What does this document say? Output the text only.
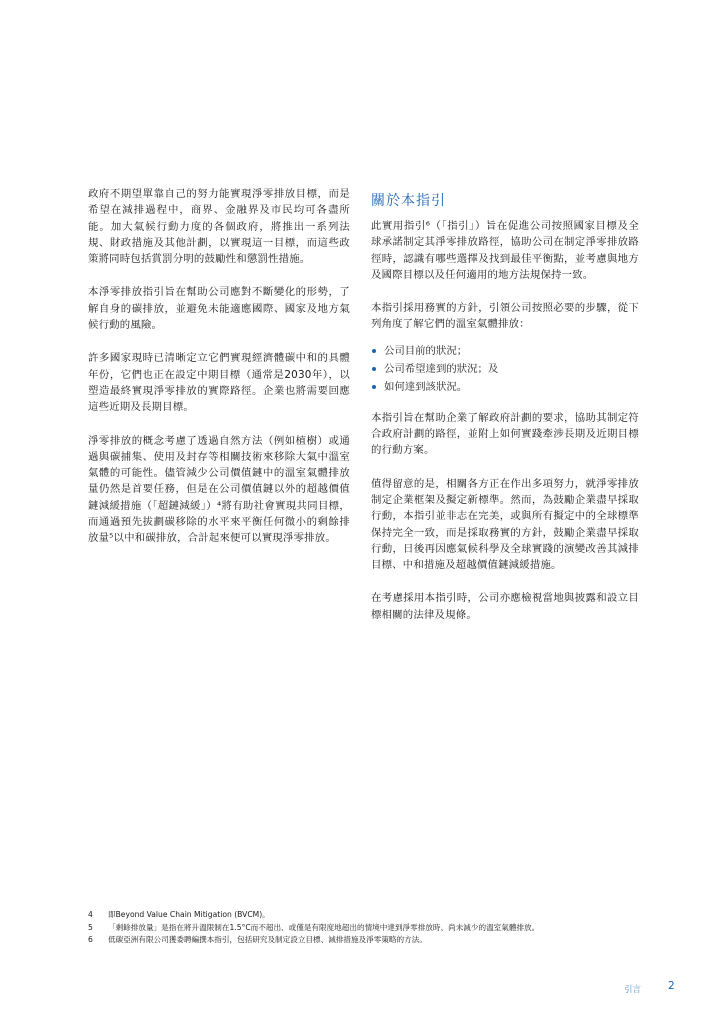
政府不期望單靠自己的努力能實現淨零排放目標，而是希望在減排過程中，商界、金融界及市民均可各盡所能。加大氣候行動力度的各個政府，將推出一系列法規、財政措施及其他計劃，以實現這一目標，而這些政策將同時包括賞罰分明的鼓勵性和懲罰性措施。

本淨零排放指引旨在幫助公司應對不斷變化的形勢，了解自身的碳排放，並避免未能適應國際、國家及地方氣候行動的風險。

許多國家現時已清晰定立它們實現經濟體碳中和的具體年份，它們也正在設定中期目標（通常是2030年），以塑造最終實現淨零排放的實際路徑。企業也將需要回應這些近期及長期目標。

淨零排放的概念考慮了透過自然方法（例如植樹）或通過與碳捕集、使用及封存等相關技術來移除大氣中溫室氣體的可能性。儘管減少公司價值鏈中的溫室氣體排放量仍然是首要任務，但是在公司價值鏈以外的超越價值鏈減緩措施（「超鏈減緩」）⁴將有助社會實現共同目標，而通過預先拔劃碳移除的水平來平衡任何微小的剩餘排放量⁵以中和碳排放，合計起來便可以實現淨零排放。

關於本指引

此實用指引⁶（「指引」）旨在促進公司按照國家目標及全球承諾制定其淨零排放路徑，協助公司在制定淨零排放路徑時，認識有哪些選擇及找到最佳平衡點，並考慮與地方及國際目標以及任何適用的地方法規保持一致。

本指引採用務實的方針，引領公司按照必要的步驟，從下列角度了解它們的溫室氣體排放：

公司目前的狀況；
公司希望達到的狀況；及
如何達到該狀況。

本指引旨在幫助企業了解政府計劃的要求，協助其制定符合政府計劃的路徑，並附上如何實踐牽涉長期及近期目標的行動方案。

值得留意的是，相關各方正在作出多項努力，就淨零排放制定企業框架及擬定新標準。然而，為鼓勵企業盡早採取行動，本指引並非志在完美，或與所有擬定中的全球標準保持完全一致，而是採取務實的方針，鼓勵企業盡早採取行動，日後再因應氣候科學及全球實踐的演變改善其減排目標、中和措施及超越價值鏈減緩措施。

在考慮採用本指引時，公司亦應檢視當地與披露和設立目標相關的法律及規條。

4	即Beyond Value Chain Mitigation (BVCM)。
5	「剩餘排放量」是指在將升溫限制在1.5°C而不超出、或僅是有限度地超出的情境中達到淨零排放時、尚未減少的溫室氣體排放。
6	低碳亞洲有限公司獲委聘編撰本指引，包括研究及制定設立目標、減排措施及淨零策略的方法。
引言	2
